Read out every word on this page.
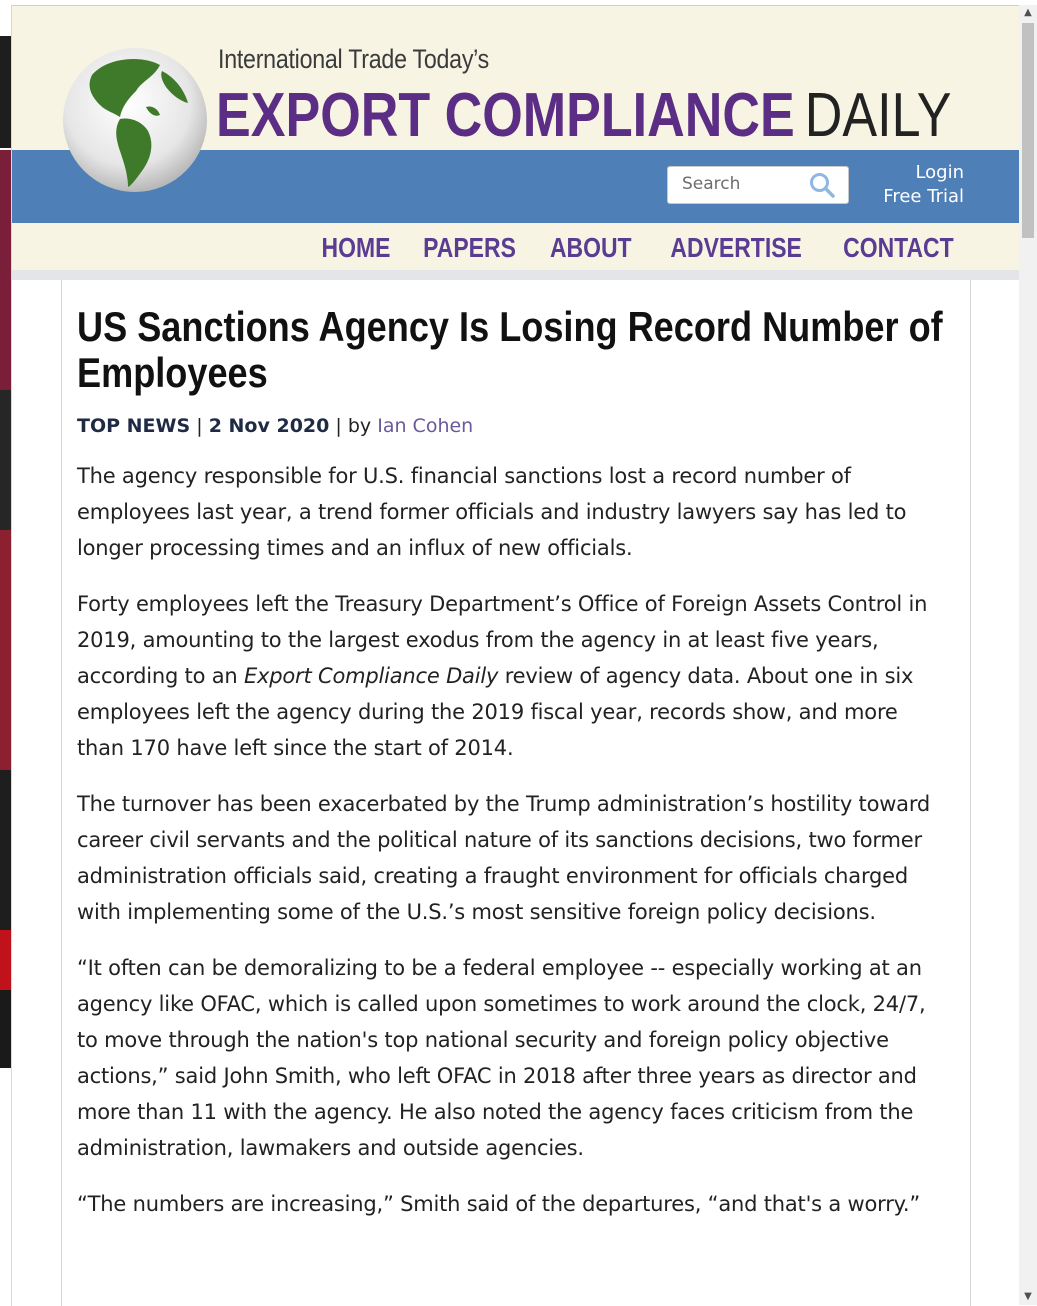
International Trade Today’s
EXPORT COMPLIANCE DAILY
Search
Login
Free Trial
HOME PAPERS ABOUT ADVERTISE CONTACT
US Sanctions Agency Is Losing Record Number of
Employees
TOP NEWS | 2 Nov 2020 | by Ian Cohen

The agency responsible for U.S. financial sanctions lost a record number of employees last year, a trend former officials and industry lawyers say has led to longer processing times and an influx of new officials.

Forty employees left the Treasury Department’s Office of Foreign Assets Control in 2019, amounting to the largest exodus from the agency in at least five years, according to an Export Compliance Daily review of agency data. About one in six employees left the agency during the 2019 fiscal year, records show, and more than 170 have left since the start of 2014.

The turnover has been exacerbated by the Trump administration’s hostility toward career civil servants and the political nature of its sanctions decisions, two former administration officials said, creating a fraught environment for officials charged with implementing some of the U.S.’s most sensitive foreign policy decisions.

“It often can be demoralizing to be a federal employee -- especially working at an agency like OFAC, which is called upon sometimes to work around the clock, 24/7, to move through the nation's top national security and foreign policy objective actions,” said John Smith, who left OFAC in 2018 after three years as director and more than 11 with the agency. He also noted the agency faces criticism from the administration, lawmakers and outside agencies.

“The numbers are increasing,” Smith said of the departures, “and that's a worry.”

▲
▼
